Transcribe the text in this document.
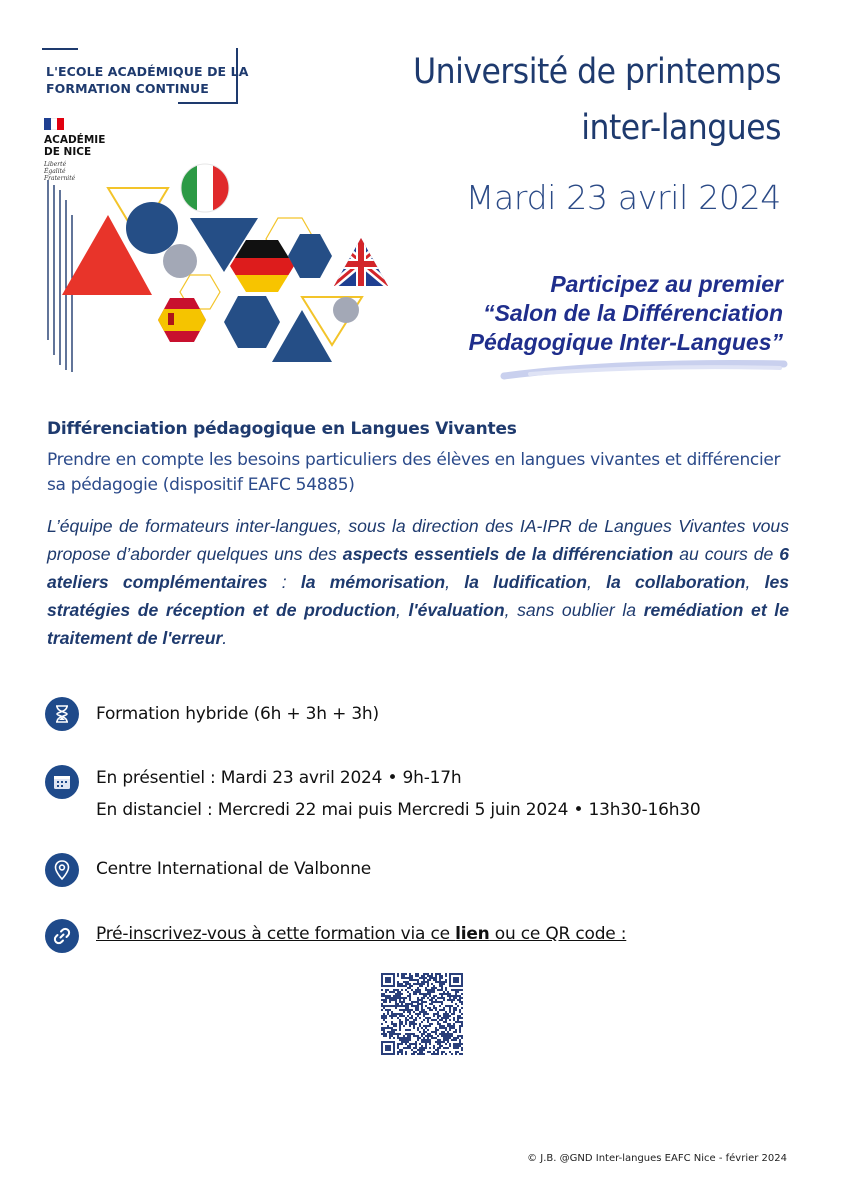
L'ECOLE ACADÉMIQUE DE LA
FORMATION CONTINUE
ACADÉMIE
DE NICE
Liberté
Égalité
Fraternité
Université de printemps
inter-langues
Mardi 23 avril 2024
Participez au premier
“Salon de la Différenciation
Pédagogique Inter-Langues”
Différenciation pédagogique en Langues Vivantes
Prendre en compte les besoins particuliers des élèves en langues vivantes et différencier sa pédagogie (dispositif EAFC 54885)
L’équipe de formateurs inter-langues, sous la direction des IA-IPR de Langues Vivantes vous propose d’aborder quelques uns des aspects essentiels de la différenciation au cours de 6 ateliers complémentaires : la mémorisation, la ludification, la collaboration, les stratégies de réception et de production, l'évaluation, sans oublier la remédiation et le traitement de l'erreur.
Formation hybride (6h + 3h + 3h)
En présentiel : Mardi 23 avril 2024 • 9h-17h
En distanciel : Mercredi 22 mai puis Mercredi 5 juin 2024 • 13h30-16h30
Centre International de Valbonne
Pré-inscrivez-vous à cette formation via ce lien ou ce QR code :
© J.B. @GND Inter-langues EAFC Nice - février 2024
